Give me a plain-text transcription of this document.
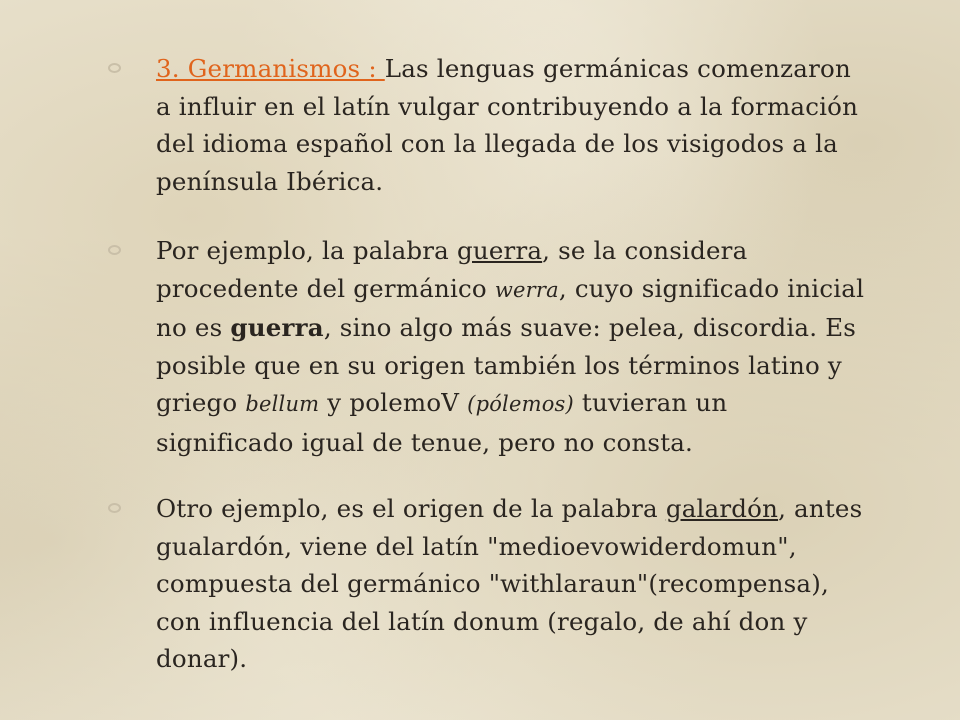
3. Germanismos : Las lenguas germánicas comenzaron a influir en el latín vulgar contribuyendo a la formación del idioma español con la llegada de los visigodos a la península Ibérica.

Por ejemplo, la palabra guerra, se la considera procedente del germánico werra, cuyo significado inicial no es guerra, sino algo más suave: pelea, discordia. Es posible que en su origen también los términos latino y griego bellum y polemoV (pólemos) tuvieran un significado igual de tenue, pero no consta.

Otro ejemplo, es el origen de la palabra galardón, antes gualardón, viene del latín "medioevowiderdomun", compuesta del germánico "withlaraun"(recompensa), con influencia del latín donum (regalo, de ahí don y donar).
